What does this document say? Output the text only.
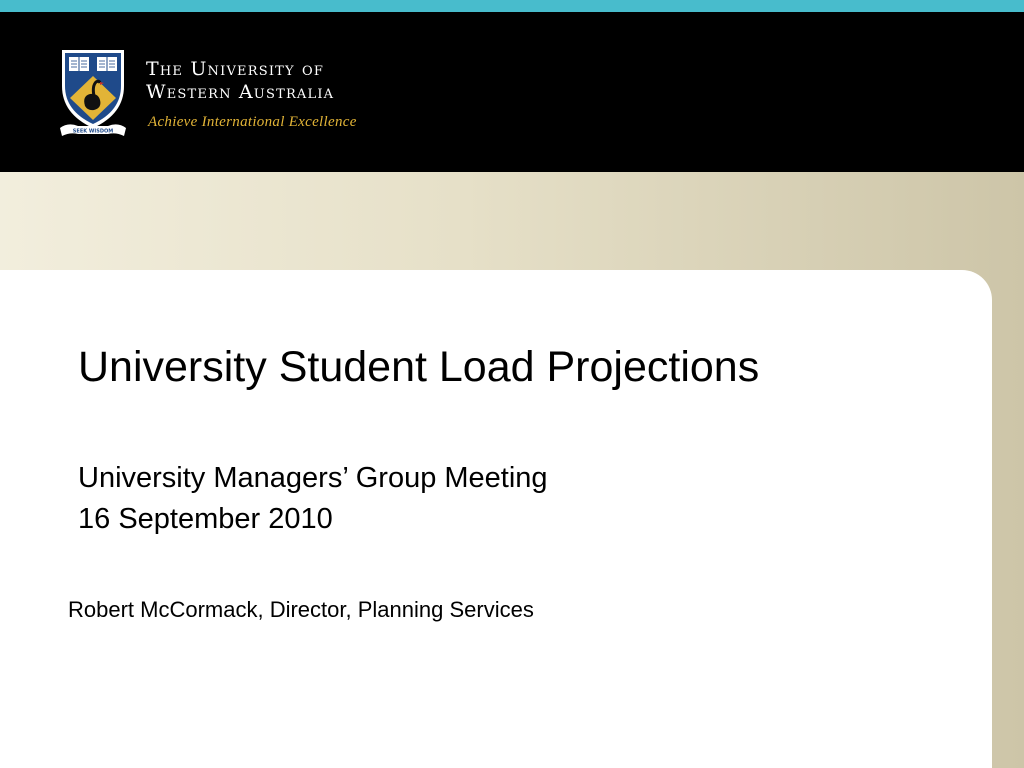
SEEK WISDOM
The University of
Western Australia
Achieve International Excellence
University Student Load Projections
University Managers’ Group Meeting
16 September 2010
Robert McCormack, Director, Planning Services
